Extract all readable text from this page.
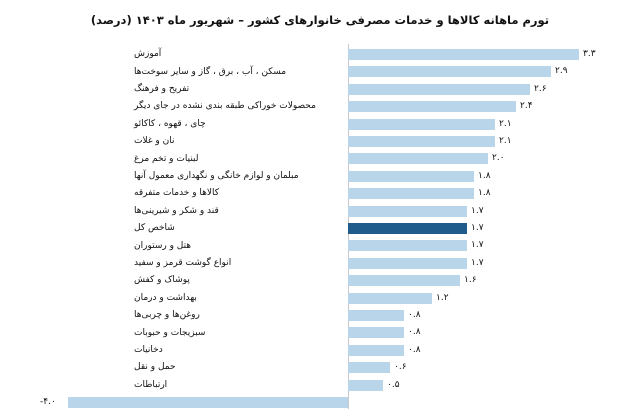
تورم ماهانه کالاها و خدمات مصرفی خانوارهای کشور – شهریور ماه ۱۴۰۳ (درصد)
آموزش	۳.۳
مسکن ، آب ، برق ، گاز و سایر سوخت‌ها	۲.۹
تفریح و فرهنگ	۲.۶
محصولات خوراکی طبقه بندی نشده در جای دیگر	۲.۴
چای ، قهوه ، کاکائو	۲.۱
نان و غلات	۲.۱
لبنیات و تخم مرغ	۲.۰
مبلمان و لوازم خانگی و نگهداری معمول آنها	۱.۸
کالاها و خدمات متفرقه	۱.۸
قند و شکر و شیرینی‌ها	۱.۷
شاخص کل	۱.۷
هتل و رستوران	۱.۷
انواع گوشت قرمز و سفید	۱.۷
پوشاک و کفش	۱.۶
بهداشت و درمان	۱.۲
روغن‌ها و چربی‌ها	۰.۸
سبزیجات و حبوبات	۰.۸
دخانیات	۰.۸
حمل و نقل	۰.۶
ارتباطات	۰.۵
-۴.۰
